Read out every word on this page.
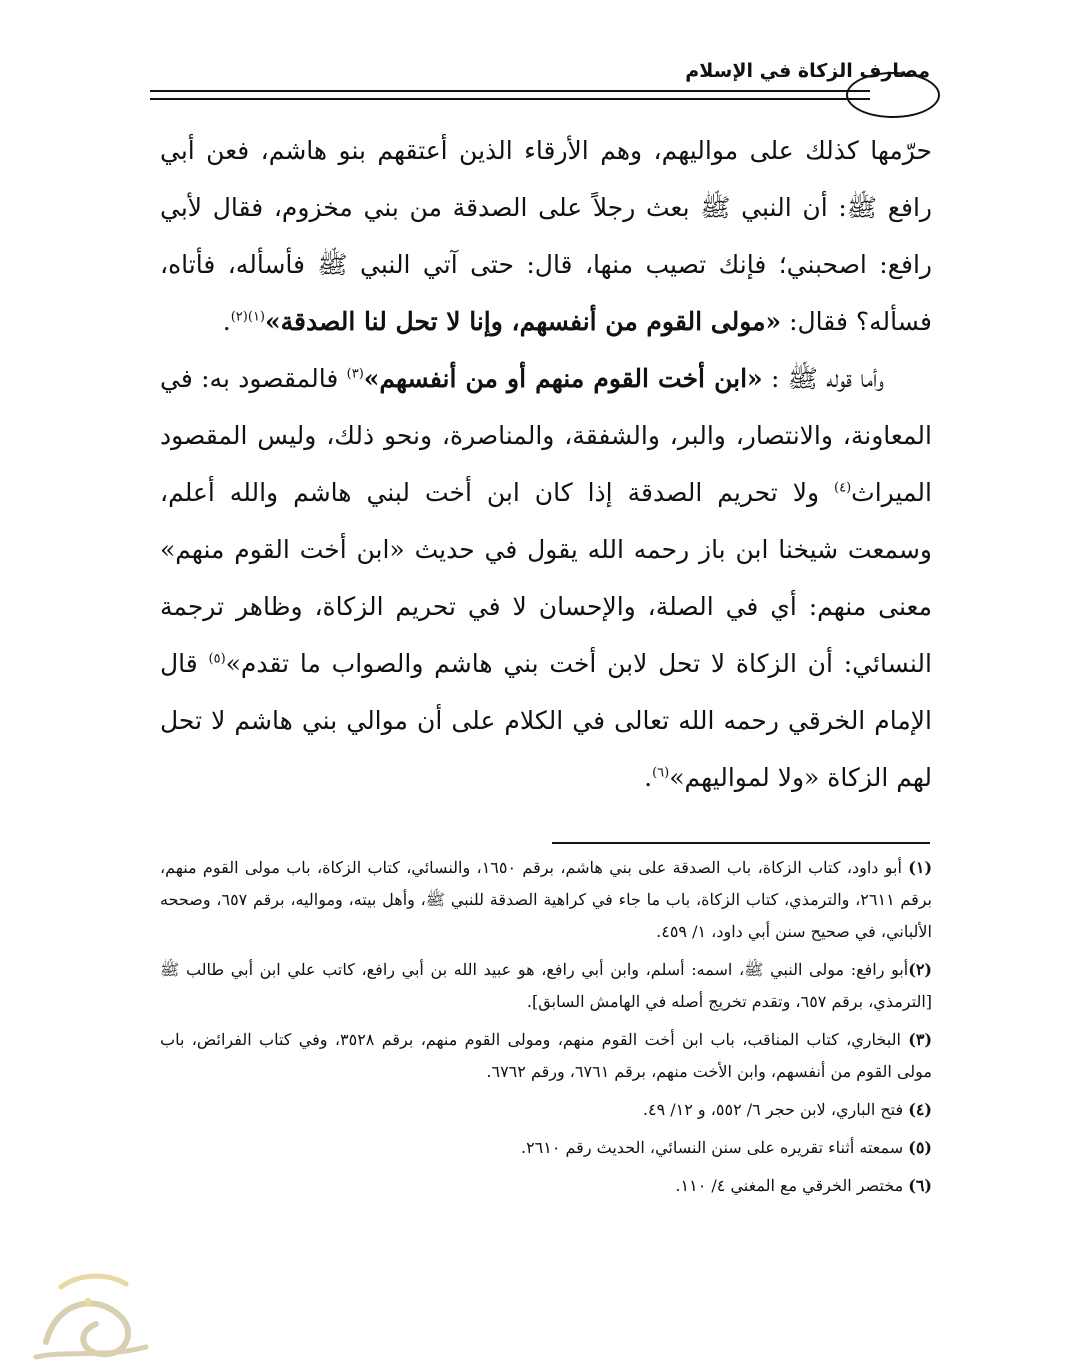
مصارف الزكاة في الإسلام

حرّمها كذلك على مواليهم، وهم الأرقاء الذين أعتقهم بنو هاشم، فعن أبي رافع ﷺ: أن النبي ﷺ بعث رجلاً على الصدقة من بني مخزوم، فقال لأبي رافع: اصحبني؛ فإنك تصيب منها، قال: حتى آتي النبي ﷺ فأسأله، فأتاه، فسأله؟ فقال: «مولى القوم من أنفسهم، وإنا لا تحل لنا الصدقة»$^{(١)(٢)}$.

وأما قوله ﷺ : «ابن أخت القوم منهم أو من أنفسهم»$^{(٣)}$ فالمقصود به: في المعاونة، والانتصار، والبر، والشفقة، والمناصرة، ونحو ذلك، وليس المقصود الميراث$^{(٤)}$ ولا تحريم الصدقة إذا كان ابن أخت لبني هاشم والله أعلم، وسمعت شيخنا ابن باز رحمه الله يقول في حديث «ابن أخت القوم منهم» معنى منهم: أي في الصلة، والإحسان لا في تحريم الزكاة، وظاهر ترجمة النسائي: أن الزكاة لا تحل لابن أخت بني هاشم والصواب ما تقدم»$^{(٥)}$ قال الإمام الخرقي رحمه الله تعالى في الكلام على أن موالي بني هاشم لا تحل لهم الزكاة «ولا لمواليهم»$^{(٦)}$.

(١) أبو داود، كتاب الزكاة، باب الصدقة على بني هاشم، برقم ١٦٥٠، والنسائي، كتاب الزكاة، باب مولى القوم منهم، برقم ٢٦١١، والترمذي، كتاب الزكاة، باب ما جاء في كراهية الصدقة للنبي ﷺ، وأهل بيته، ومواليه، برقم ٦٥٧، وصححه الألباني، في صحيح سنن أبي داود، ١/ ٤٥٩.

(٢)أبو رافع: مولى النبي ﷺ، اسمه: أسلم، وابن أبي رافع، هو عبيد الله بن أبي رافع، كاتب علي ابن أبي طالب ﷺ [الترمذي، برقم ٦٥٧، وتقدم تخريج أصله في الهامش السابق].

(٣) البخاري، كتاب المناقب، باب ابن أخت القوم منهم، ومولى القوم منهم، برقم ٣٥٢٨، وفي كتاب الفرائض، باب مولى القوم من أنفسهم، وابن الأخت منهم، برقم ٦٧٦١، ورقم ٦٧٦٢.

(٤) فتح الباري، لابن حجر ٦/ ٥٥٢، و ١٢/ ٤٩.

(٥) سمعته أثناء تقريره على سنن النسائي، الحديث رقم ٢٦١٠.

(٦) مختصر الخرقي مع المغني ٤/ ١١٠.
